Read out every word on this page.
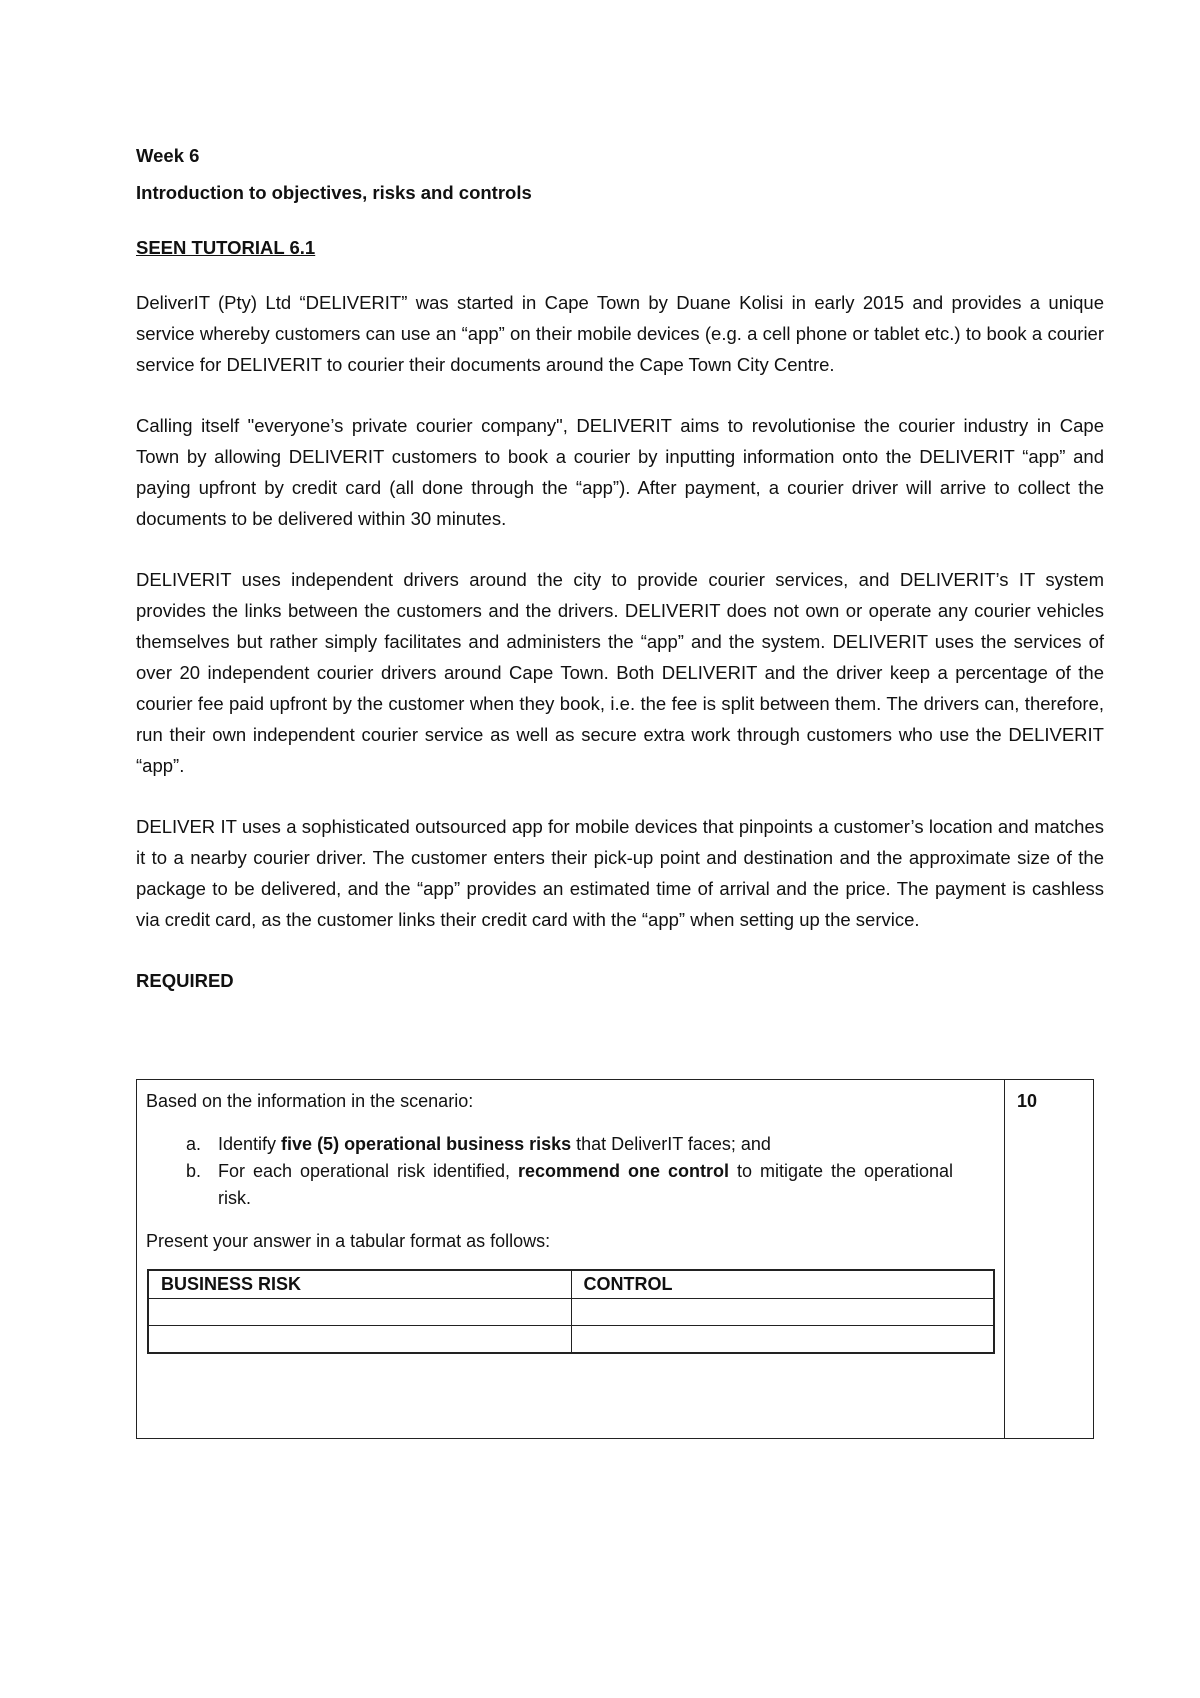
Week 6

Introduction to objectives, risks and controls

SEEN TUTORIAL 6.1

DeliverIT (Pty) Ltd “DELIVERIT” was started in Cape Town by Duane Kolisi in early 2015 and provides a unique service whereby customers can use an “app” on their mobile devices (e.g. a cell phone or tablet etc.) to book a courier service for DELIVERIT to courier their documents around the Cape Town City Centre.

Calling itself "everyone’s private courier company", DELIVERIT aims to revolutionise the courier industry in Cape Town by allowing DELIVERIT customers to book a courier by inputting information onto the DELIVERIT “app” and paying upfront by credit card (all done through the “app”). After payment, a courier driver will arrive to collect the documents to be delivered within 30 minutes.

DELIVERIT uses independent drivers around the city to provide courier services, and DELIVERIT’s IT system provides the links between the customers and the drivers. DELIVERIT does not own or operate any courier vehicles themselves but rather simply facilitates and administers the “app” and the system. DELIVERIT uses the services of over 20 independent courier drivers around Cape Town. Both DELIVERIT and the driver keep a percentage of the courier fee paid upfront by the customer when they book, i.e. the fee is split between them. The drivers can, therefore, run their own independent courier service as well as secure extra work through customers who use the DELIVERIT “app”.

DELIVER IT uses a sophisticated outsourced app for mobile devices that pinpoints a customer’s location and matches it to a nearby courier driver. The customer enters their pick-up point and destination and the approximate size of the package to be delivered, and the “app” provides an estimated time of arrival and the price. The payment is cashless via credit card, as the customer links their credit card with the “app” when setting up the service.

REQUIRED

Based on the information in the scenario:

a. Identify five (5) operational business risks that DeliverIT faces; and
b. For each operational risk identified, recommend one control to mitigate the operational risk.

Present your answer in a tabular format as follows:

BUSINESS RISK	CONTROL

10
